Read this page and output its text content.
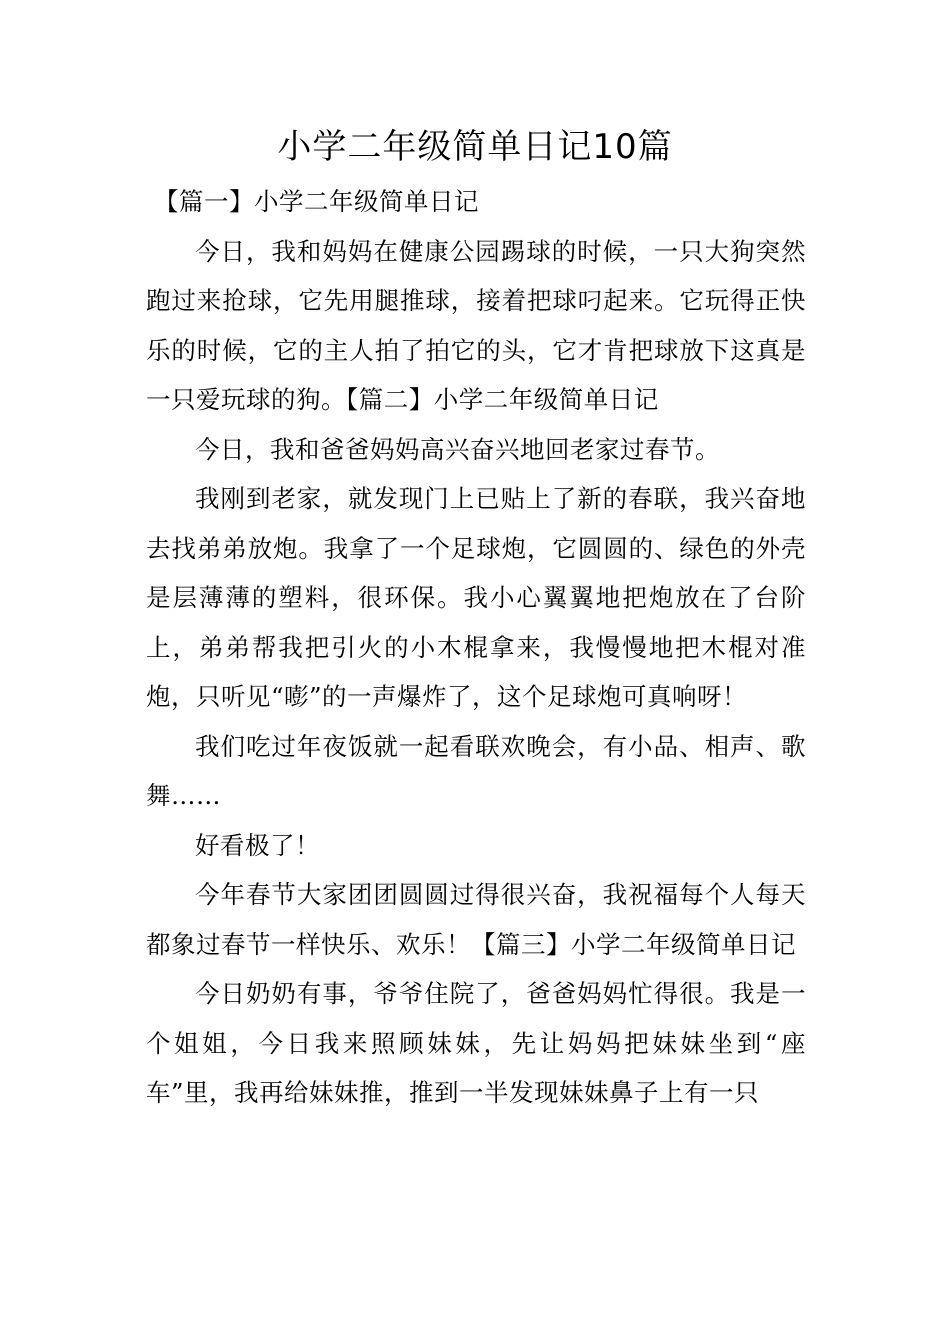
小学二年级简单日记10篇

【篇一】小学二年级简单日记

今日，我和妈妈在健康公园踢球的时候，一只大狗突然跑过来抢球，它先用腿推球，接着把球叼起来。它玩得正快乐的时候，它的主人拍了拍它的头，它才肯把球放下这真是一只爱玩球的狗。【篇二】小学二年级简单日记

今日，我和爸爸妈妈高兴奋兴地回老家过春节。

我刚到老家，就发现门上已贴上了新的春联，我兴奋地去找弟弟放炮。我拿了一个足球炮，它圆圆的、绿色的外壳是层薄薄的塑料，很环保。我小心翼翼地把炮放在了台阶上，弟弟帮我把引火的小木棍拿来，我慢慢地把木棍对准炮，只听见“嘭”的一声爆炸了，这个足球炮可真响呀！

我们吃过年夜饭就一起看联欢晚会，有小品、相声、歌舞……

好看极了！

今年春节大家团团圆圆过得很兴奋，我祝福每个人每天都象过春节一样快乐、欢乐！【篇三】小学二年级简单日记

今日奶奶有事，爷爷住院了，爸爸妈妈忙得很。我是一个姐姐，今日我来照顾妹妹，先让妈妈把妹妹坐到“座车”里，我再给妹妹推，推到一半发现妹妹鼻子上有一只
